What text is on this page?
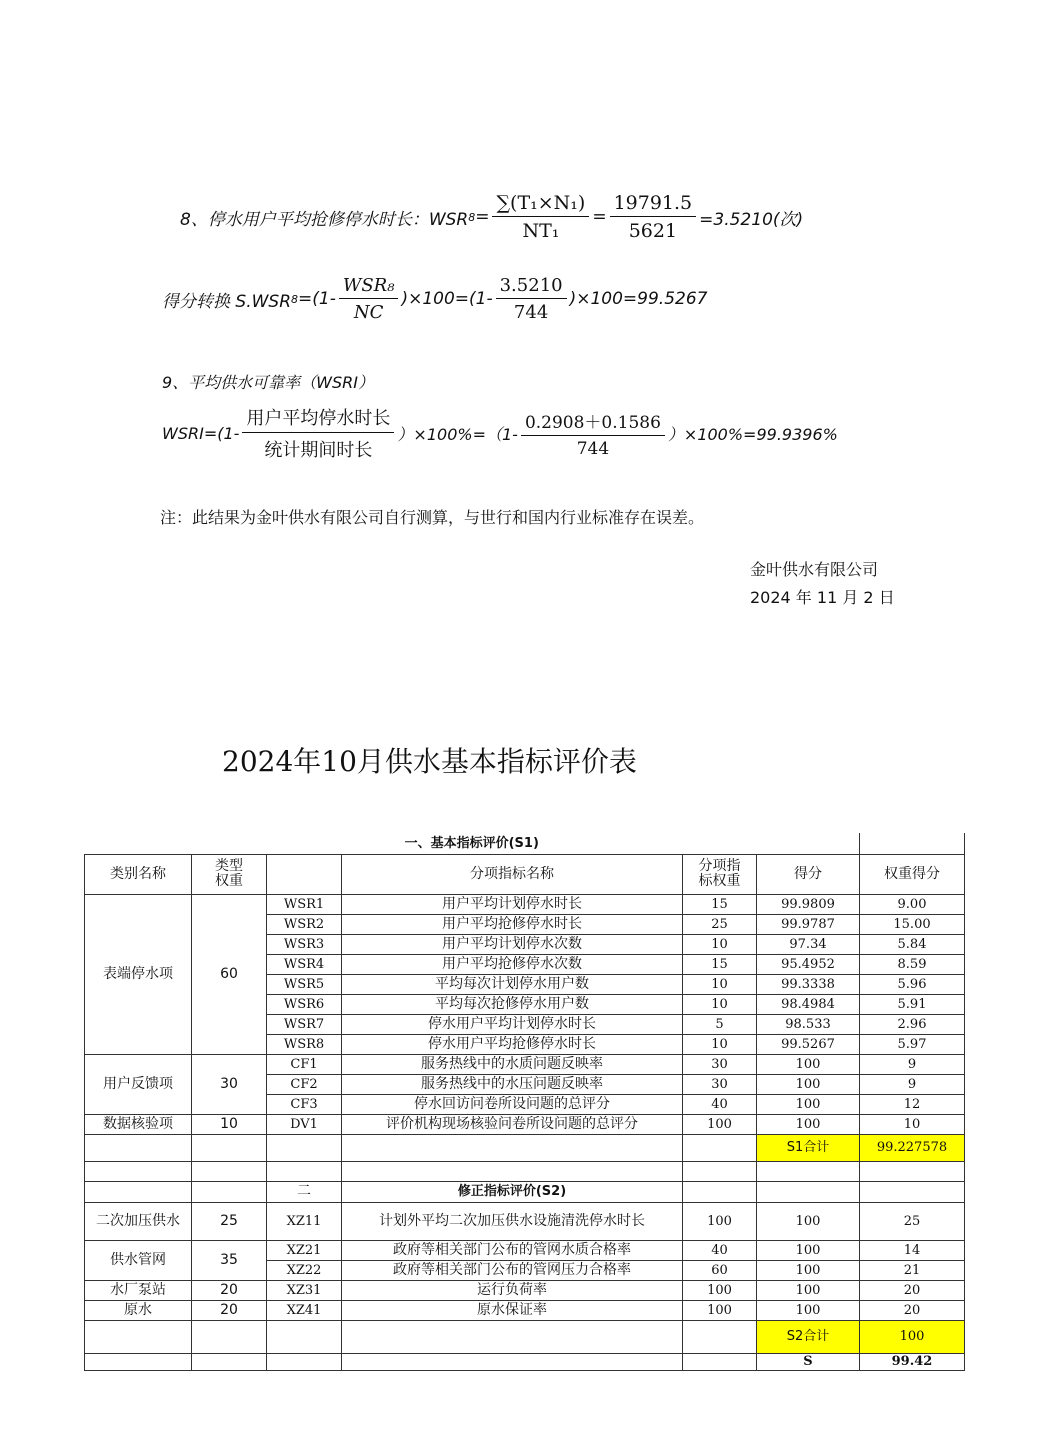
8、停水用户平均抢修停水时长：WSR $8 = \frac{\text{∑(T₁×N₁)}}{\text{NT₁}} = \frac{19791.5}{5621} =3.5210$(次)
得分转换 S.WSR $8 =(1- \frac{\text{WSR₈}}{NC} )\times 100=(1- \frac{3.5210}{744} )\times 100=99.5267$
9、平均供水可靠率（WSRI）
WSRI=(1- $\frac{\text{用户平均停水时长}}{\text{统计期间时长}} )\times 100\%=(1- \frac{0.2908+0.1586}{744} )\times 100\%=99.9396\%$
注：此结果为金叶供水有限公司自行测算，与世行和国内行业标准存在误差。
金叶供水有限公司
2024 年 11 月 2 日
2024年10月供水基本指标评价表
一、基本指标评价(S1)						
类别名称	类型权重		分项指标名称	分项指标权重	得分	权重得分
表端停水项	60	WSR1	用户平均计划停水时长	15	99.9809	9.00
		WSR2	用户平均抢修停水时长	25	99.9787	15.00
		WSR3	用户平均计划停水次数	10	97.34	5.84
		WSR4	用户平均抢修停水次数	15	95.4952	8.59
		WSR5	平均每次计划停水用户数	10	99.3338	5.96
		WSR6	平均每次抢修停水用户数	10	98.4984	5.91
		WSR7	停水用户平均计划停水时长	5	98.533	2.96
		WSR8	停水用户平均抢修停水时长	10	99.5267	5.97
用户反馈项	30	CF1	服务热线中的水质问题反映率	30	100	9
		CF2	服务热线中的水压问题反映率	30	100	9
		CF3	停水回访问卷所设问题的总评分	40	100	12
数据核验项	10	DV1	评价机构现场核验问卷所设问题的总评分	100	100	10
					S1合计	99.227578

		二	修正指标评价(S2)			
二次加压供水	25	XZ11	计划外平均二次加压供水设施清洗停水时长	100	100	25
供水管网	35	XZ21	政府等相关部门公布的管网水质合格率	40	100	14
		XZ22	政府等相关部门公布的管网压力合格率	60	100	21
水厂泵站	20	XZ31	运行负荷率	100	100	20
原水	20	XZ41	原水保证率	100	100	20
					S2合计	100
					S	99.42
